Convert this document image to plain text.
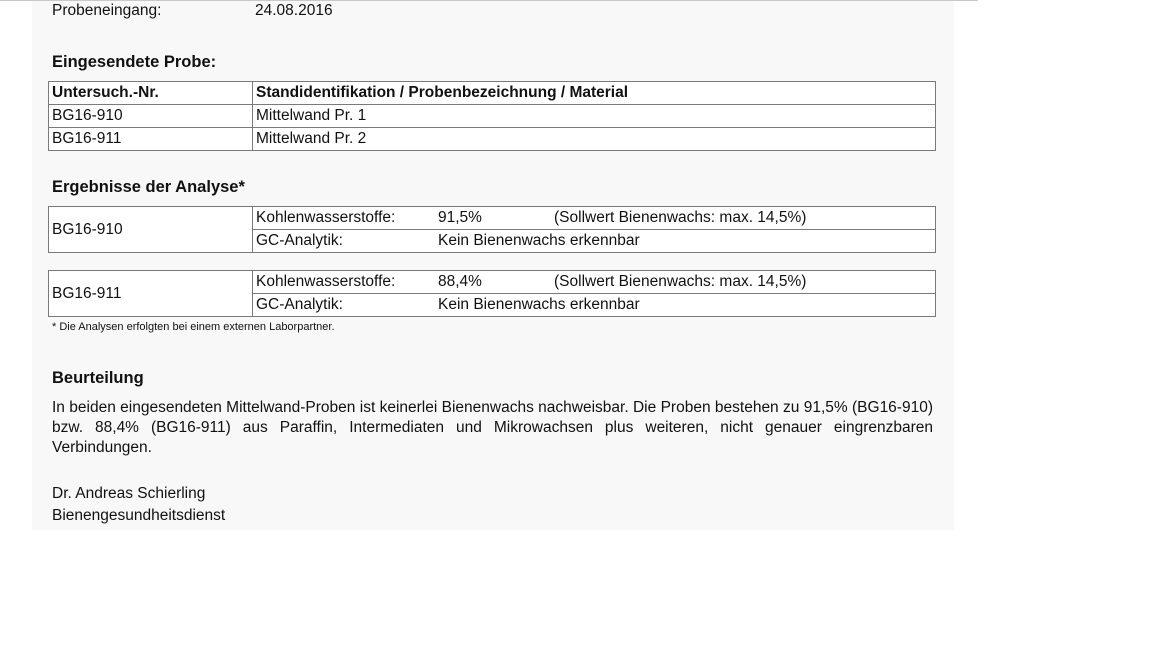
Probeneingang:	24.08.2016
Eingesendete Probe:
Untersuch.-Nr.	Standidentifikation / Probenbezeichnung / Material
BG16-910	Mittelwand Pr. 1
BG16-911	Mittelwand Pr. 2
Ergebnisse der Analyse*
BG16-910	Kohlenwasserstoffe:	91,5%	(Sollwert Bienenwachs: max. 14,5%)
GC-Analytik:	Kein Bienenwachs erkennbar
BG16-911	Kohlenwasserstoffe:	88,4%	(Sollwert Bienenwachs: max. 14,5%)
GC-Analytik:	Kein Bienenwachs erkennbar
* Die Analysen erfolgten bei einem externen Laborpartner.
Beurteilung
In beiden eingesendeten Mittelwand-Proben ist keinerlei Bienenwachs nachweisbar. Die Proben bestehen zu 91,5% (BG16-910) bzw. 88,4% (BG16-911) aus Paraffin, Intermediaten und Mikrowachsen plus weiteren, nicht genauer eingrenzbaren Verbindungen.
Dr. Andreas Schierling
Bienengesundheitsdienst
